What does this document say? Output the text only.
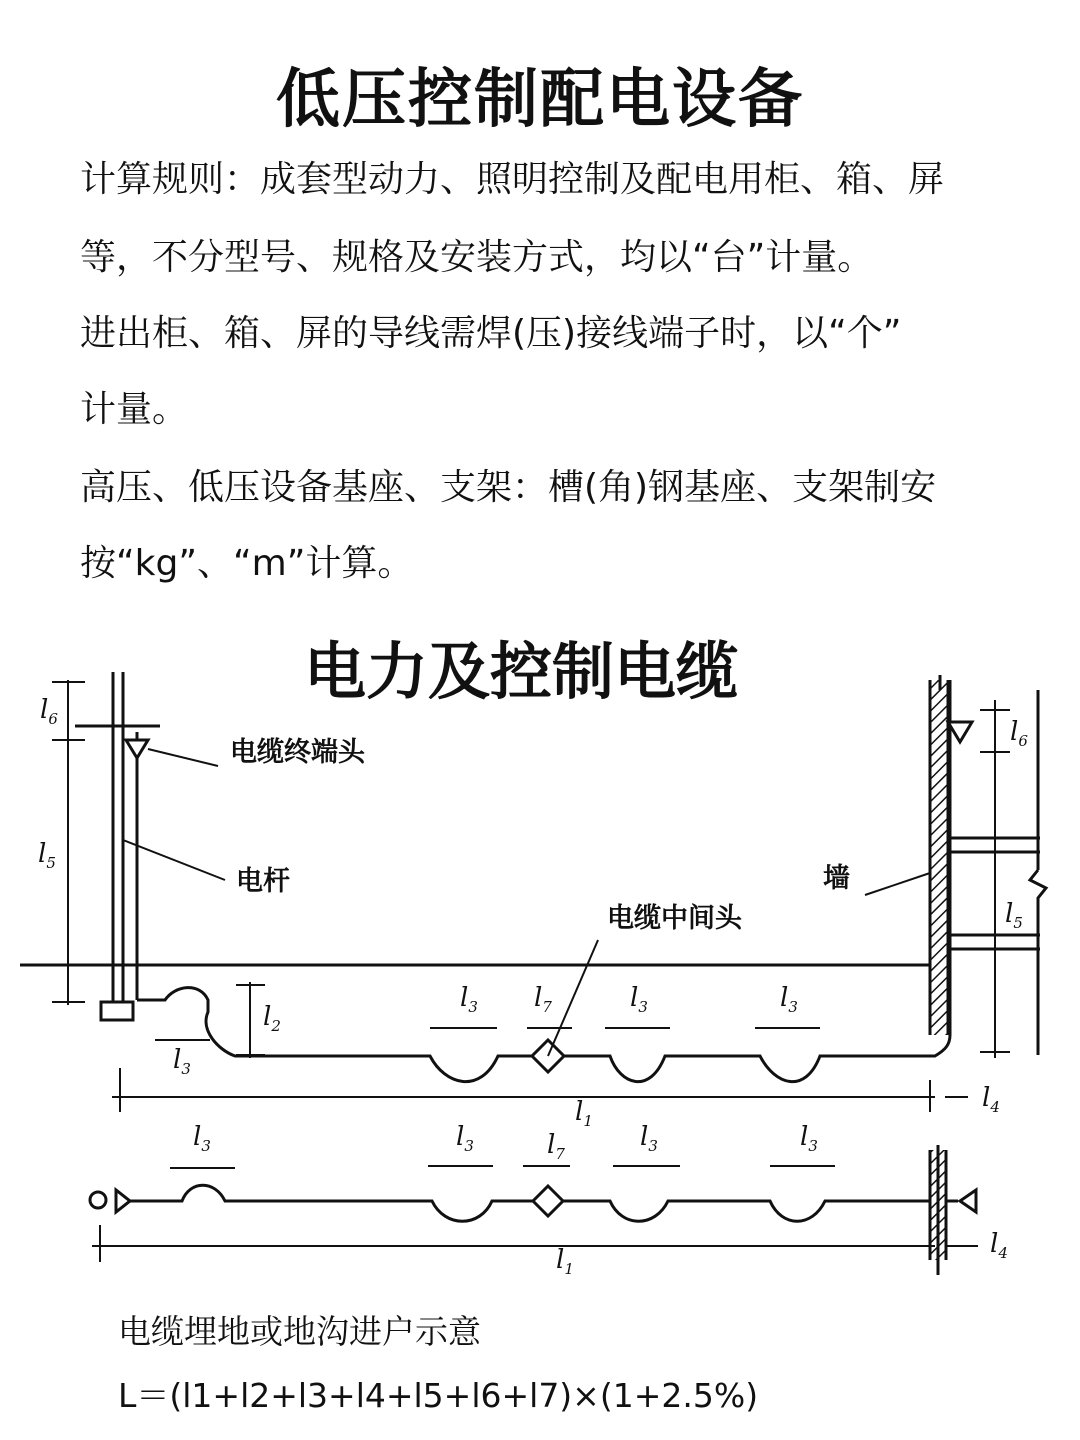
低压控制配电设备
计算规则：成套型动力、照明控制及配电用柜、箱、屏
等，不分型号、规格及安装方式，均以“台”计量。
进出柜、箱、屏的导线需焊(压)接线端子时，以“个”
计量。
高压、低压设备基座、支架：槽(角)钢基座、支架制安
按“kg”、“m”计算。
电力及控制电缆
电缆终端头
电杆	墙
电缆中间头
$l_6$
$l_5$
$l_2$
$l_3$
$l_3$ $l_7$	$l_3$	$l_3$
$l_1$
$l_4$
$l_6$
$l_5$
$l_3$	$l_3$	$l_7$
$l_3$	$l_3$
$l_1$
$l_4$
电缆埋地或地沟进户示意
L＝(l1+l2+l3+l4+l5+l6+l7)×(1+2.5%)
